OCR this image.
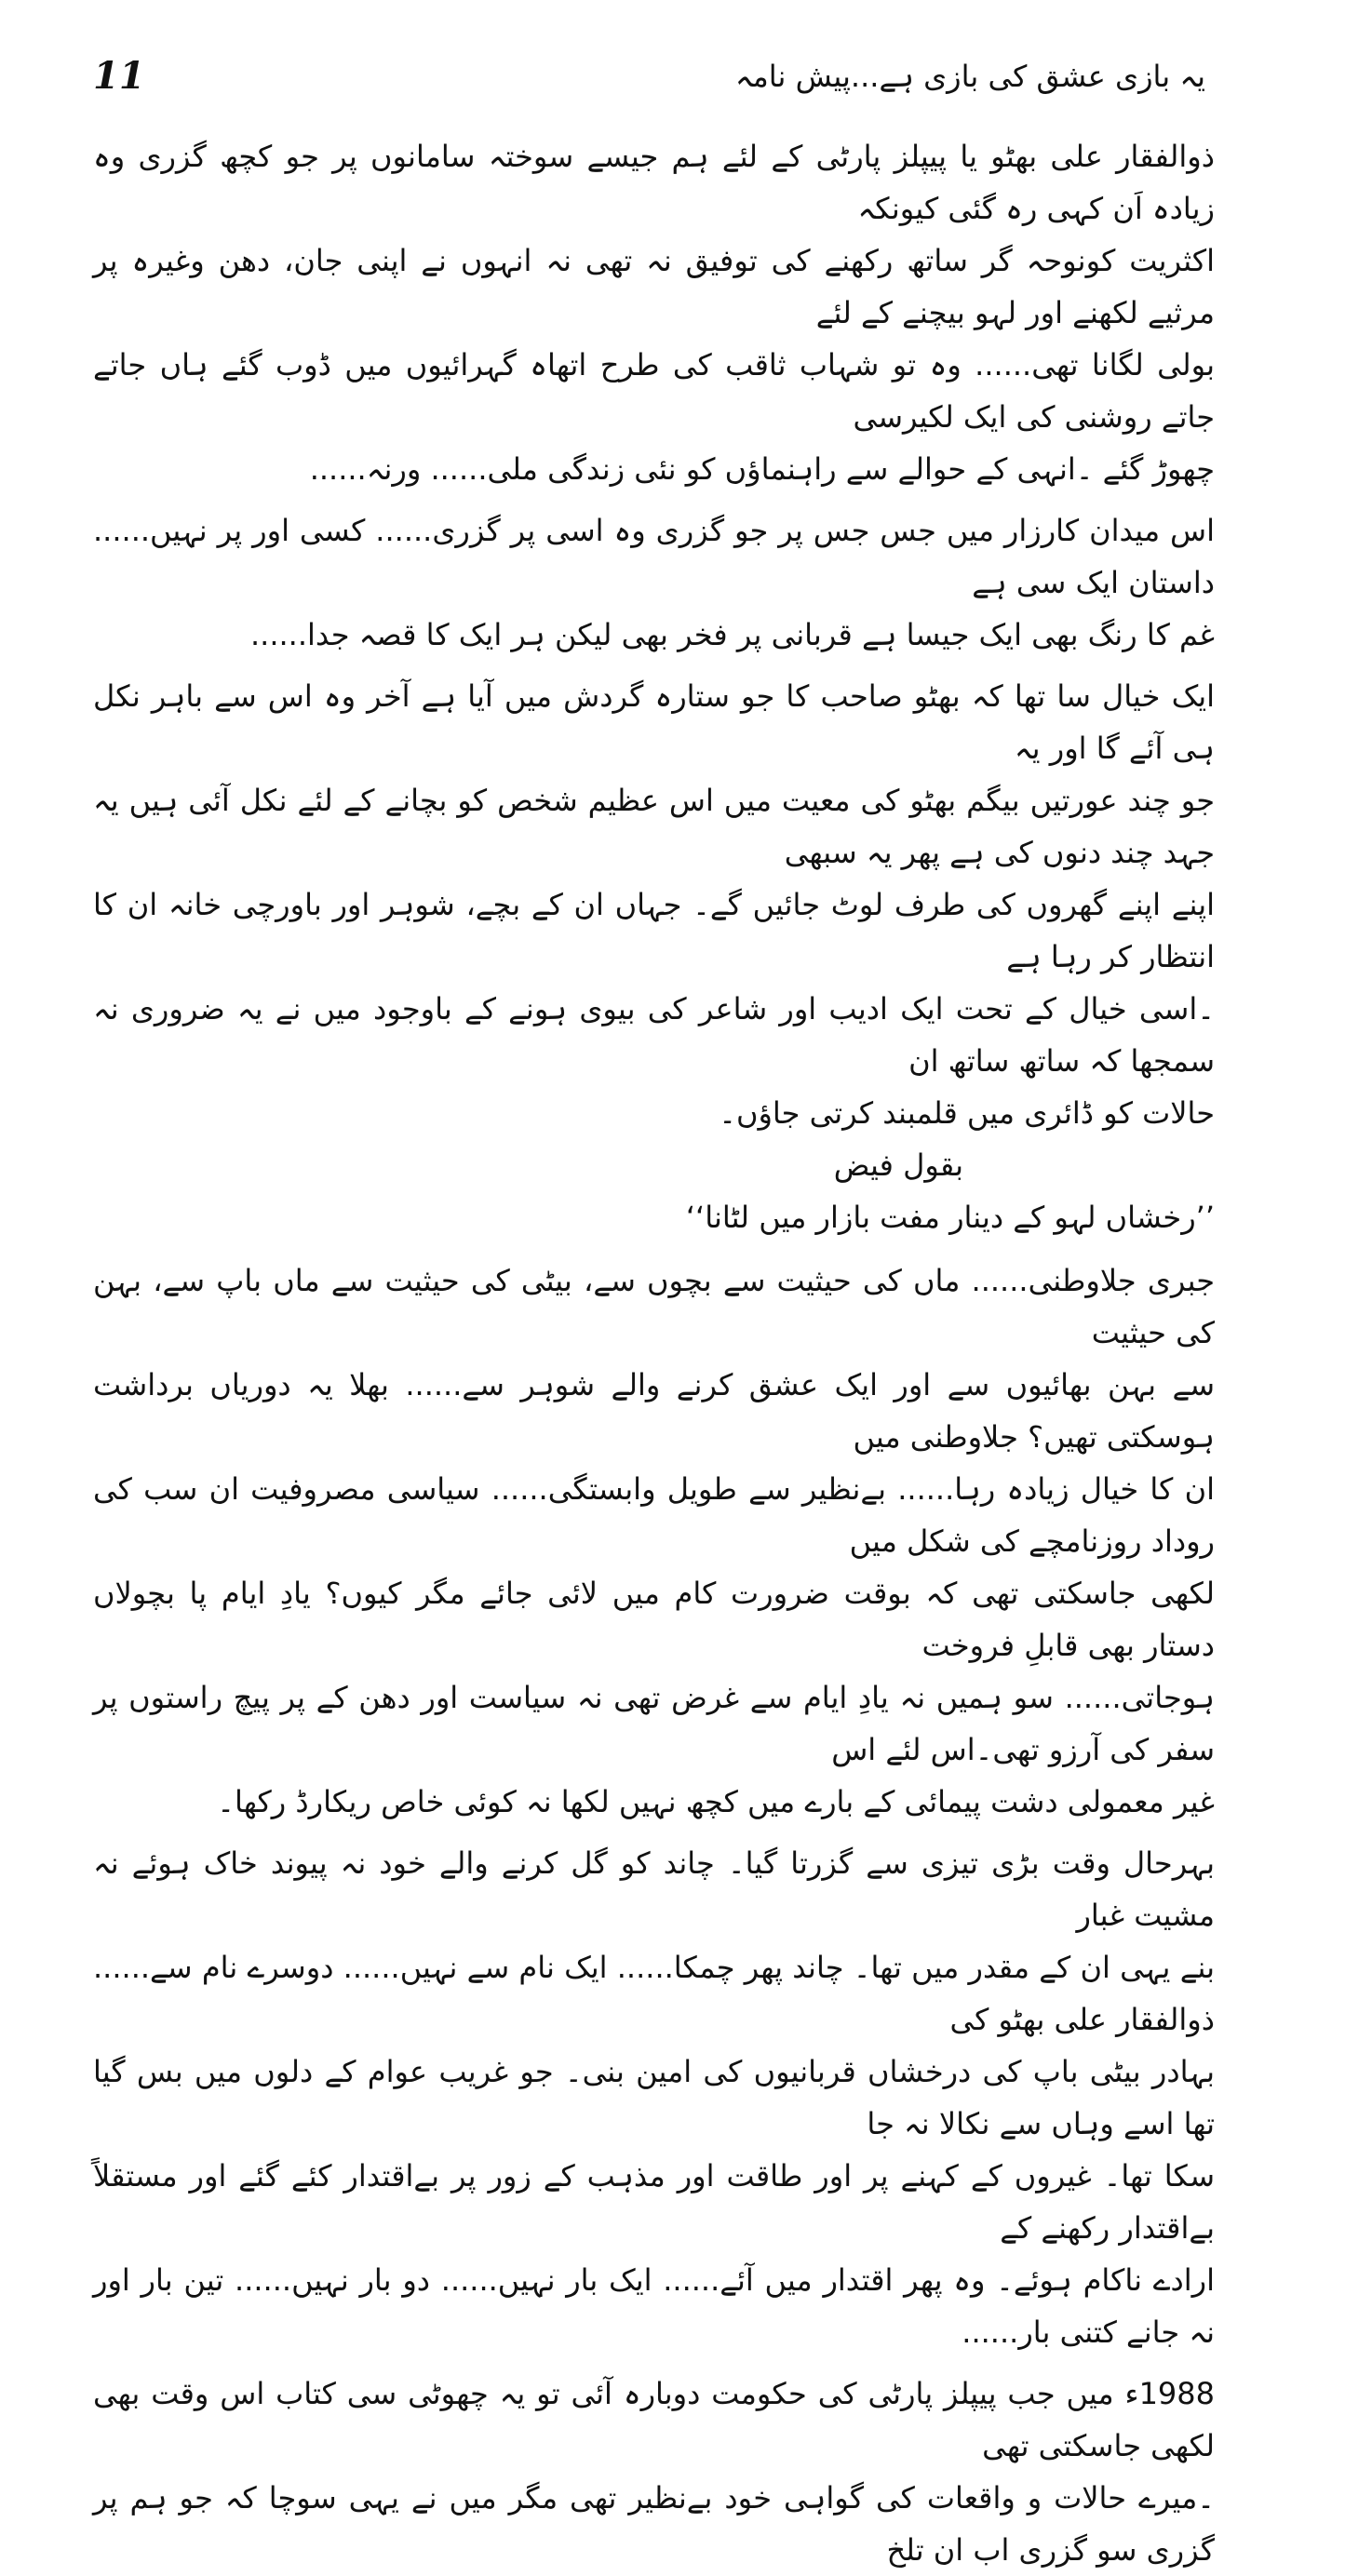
11	یہ بازی عشق کی بازی ہے...پیش نامہ

ذوالفقار علی بھٹو یا پیپلز پارٹی کے لئے ہم جیسے سوختہ سامانوں پر جو کچھ گزری وہ زیادہ اَن کہی رہ گئی کیونکہ
اکثریت کونوحہ گر ساتھ رکھنے کی توفیق نہ تھی نہ انہوں نے اپنی جان، دھن وغیرہ پر مرثیے لکھنے اور لہو بیچنے کے لئے
بولی لگانا تھی...... وہ تو شہاب ثاقب کی طرح اتھاہ گہرائیوں میں ڈوب گئے ہاں جاتے جاتے روشنی کی ایک لکیرسی
چھوڑ گئے ۔انہی کے حوالے سے راہنماؤں کو نئی زندگی ملی...... ورنہ......

اس میدان کارزار میں جس جس پر جو گزری وہ اسی پر گزری...... کسی اور پر نہیں...... داستان ایک سی ہے
غم کا رنگ بھی ایک جیسا ہے قربانی پر فخر بھی لیکن ہر ایک کا قصہ جدا......

ایک خیال سا تھا کہ بھٹو صاحب کا جو ستارہ گردش میں آیا ہے آخر وہ اس سے باہر نکل ہی آئے گا اور یہ
جو چند عورتیں بیگم بھٹو کی معیت میں اس عظیم شخص کو بچانے کے لئے نکل آئی ہیں یہ جہد چند دنوں کی ہے پھر یہ سبھی
اپنے اپنے گھروں کی طرف لوٹ جائیں گے۔ جہاں ان کے بچے، شوہر اور باورچی خانہ ان کا انتظار کر رہا ہے
۔اسی خیال کے تحت ایک ادیب اور شاعر کی بیوی ہونے کے باوجود میں نے یہ ضروری نہ سمجھا کہ ساتھ ساتھ ان
حالات کو ڈائری میں قلمبند کرتی جاؤں۔

بقول فیض

’’رخشاں لہو کے دینار مفت بازار میں لٹانا‘‘

جبری جلاوطنی...... ماں کی حیثیت سے بچوں سے، بیٹی کی حیثیت سے ماں باپ سے، بہن کی حیثیت
سے بہن بھائیوں سے اور ایک عشق کرنے والے شوہر سے...... بھلا یہ دوریاں برداشت ہوسکتی تھیں؟ جلاوطنی میں
ان کا خیال زیادہ رہا...... بےنظیر سے طویل وابستگی...... سیاسی مصروفیت ان سب کی روداد روزنامچے کی شکل میں
لکھی جاسکتی تھی کہ بوقت ضرورت کام میں لائی جائے مگر کیوں؟ یادِ ایام پا بچولاں دستار بھی قابلِ فروخت
ہوجاتی...... سو ہمیں نہ یادِ ایام سے غرض تھی نہ سیاست اور دھن کے پر پیچ راستوں پر سفر کی آرزو تھی۔اس لئے اس
غیر معمولی دشت پیمائی کے بارے میں کچھ نہیں لکھا نہ کوئی خاص ریکارڈ رکھا۔

بہرحال وقت بڑی تیزی سے گزرتا گیا۔ چاند کو گل کرنے والے خود نہ پیوند خاک ہوئے نہ مشیت غبار
بنے یہی ان کے مقدر میں تھا۔ چاند پھر چمکا...... ایک نام سے نہیں...... دوسرے نام سے...... ذوالفقار علی بھٹو کی
بہادر بیٹی باپ کی درخشاں قربانیوں کی امین بنی۔ جو غریب عوام کے دلوں میں بس گیا تھا اسے وہاں سے نکالا نہ جا
سکا تھا۔ غیروں کے کہنے پر اور طاقت اور مذہب کے زور پر بےاقتدار کئے گئے اور مستقلاً بےاقتدار رکھنے کے
ارادے ناکام ہوئے۔ وہ پھر اقتدار میں آئے...... ایک بار نہیں...... دو بار نہیں...... تین بار اور نہ جانے کتنی بار......

1988ء میں جب پیپلز پارٹی کی حکومت دوبارہ آئی تو یہ چھوٹی سی کتاب اس وقت بھی لکھی جاسکتی تھی
۔میرے حالات و واقعات کی گواہی خود بےنظیر تھی مگر میں نے یہی سوچا کہ جو ہم پر گزری سو گزری اب ان تلخ
